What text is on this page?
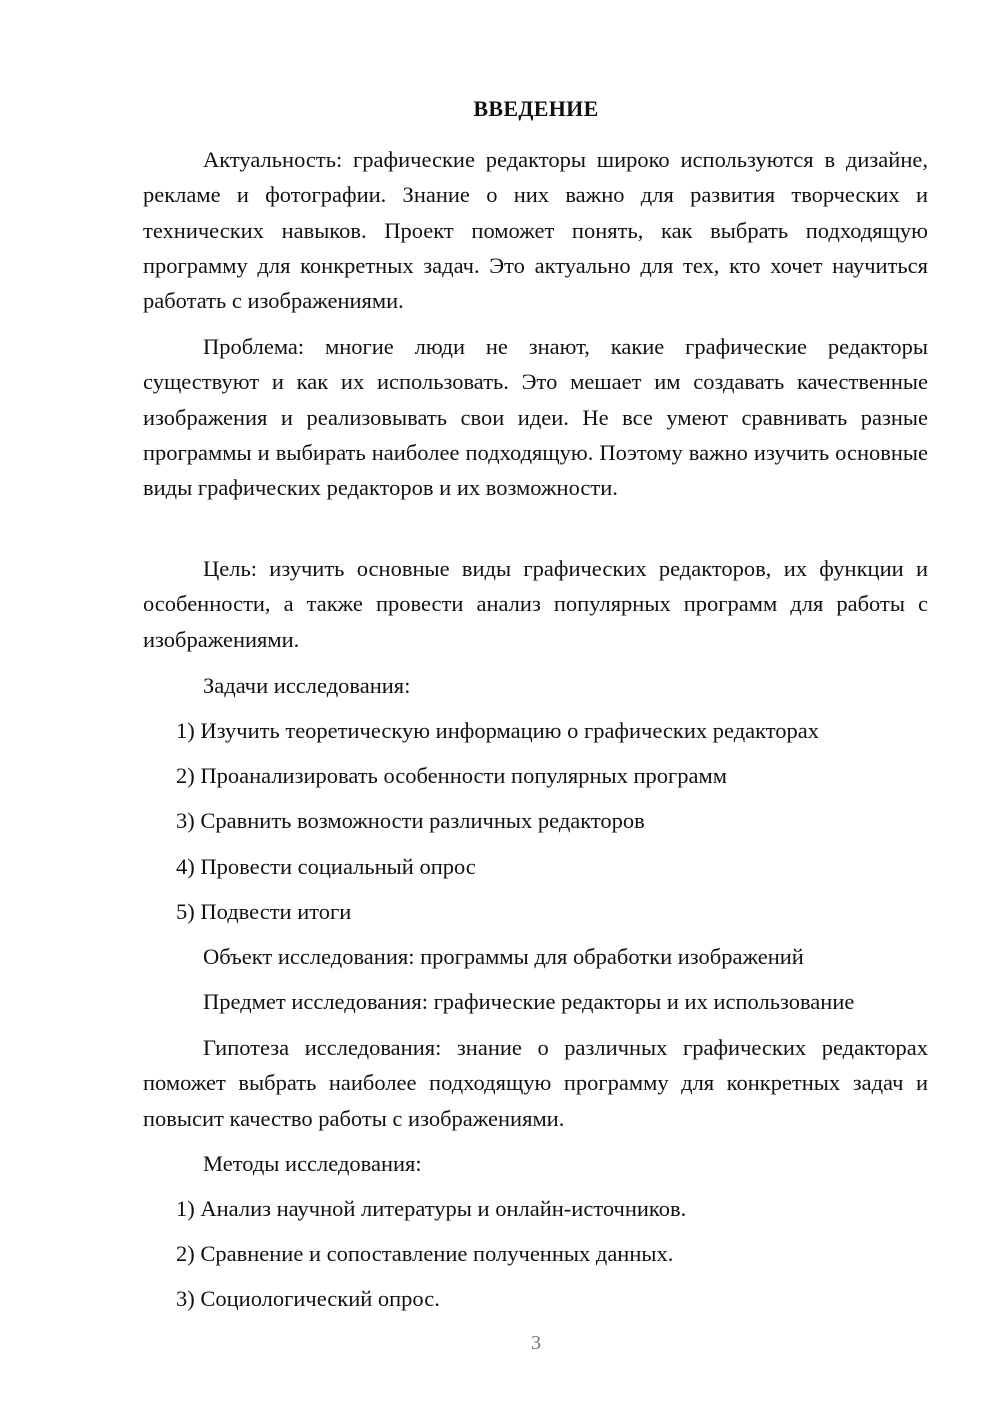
ВВЕДЕНИЕ

Актуальность: графические редакторы широко используются в дизайне, рекламе и фотографии. Знание о них важно для развития творческих и технических навыков. Проект поможет понять, как выбрать подходящую программу для конкретных задач. Это актуально для тех, кто хочет научиться работать с изображениями.

Проблема: многие люди не знают, какие графические редакторы существуют и как их использовать. Это мешает им создавать качественные изображения и реализовывать свои идеи. Не все умеют сравнивать разные программы и выбирать наиболее подходящую. Поэтому важно изучить основные виды графических редакторов и их возможности.

Цель: изучить основные виды графических редакторов, их функции и особенности, а также провести анализ популярных программ для работы с изображениями.

Задачи исследования:
1) Изучить теоретическую информацию о графических редакторах
2) Проанализировать особенности популярных программ
3) Сравнить возможности различных редакторов
4) Провести социальный опрос
5) Подвести итоги
Объект исследования: программы для обработки изображений
Предмет исследования: графические редакторы и их использование

Гипотеза исследования: знание о различных графических редакторах поможет выбрать наиболее подходящую программу для конкретных задач и повысит качество работы с изображениями.

Методы исследования:
1) Анализ научной литературы и онлайн-источников.
2) Сравнение и сопоставление полученных данных.
3) Социологический опрос.
3
